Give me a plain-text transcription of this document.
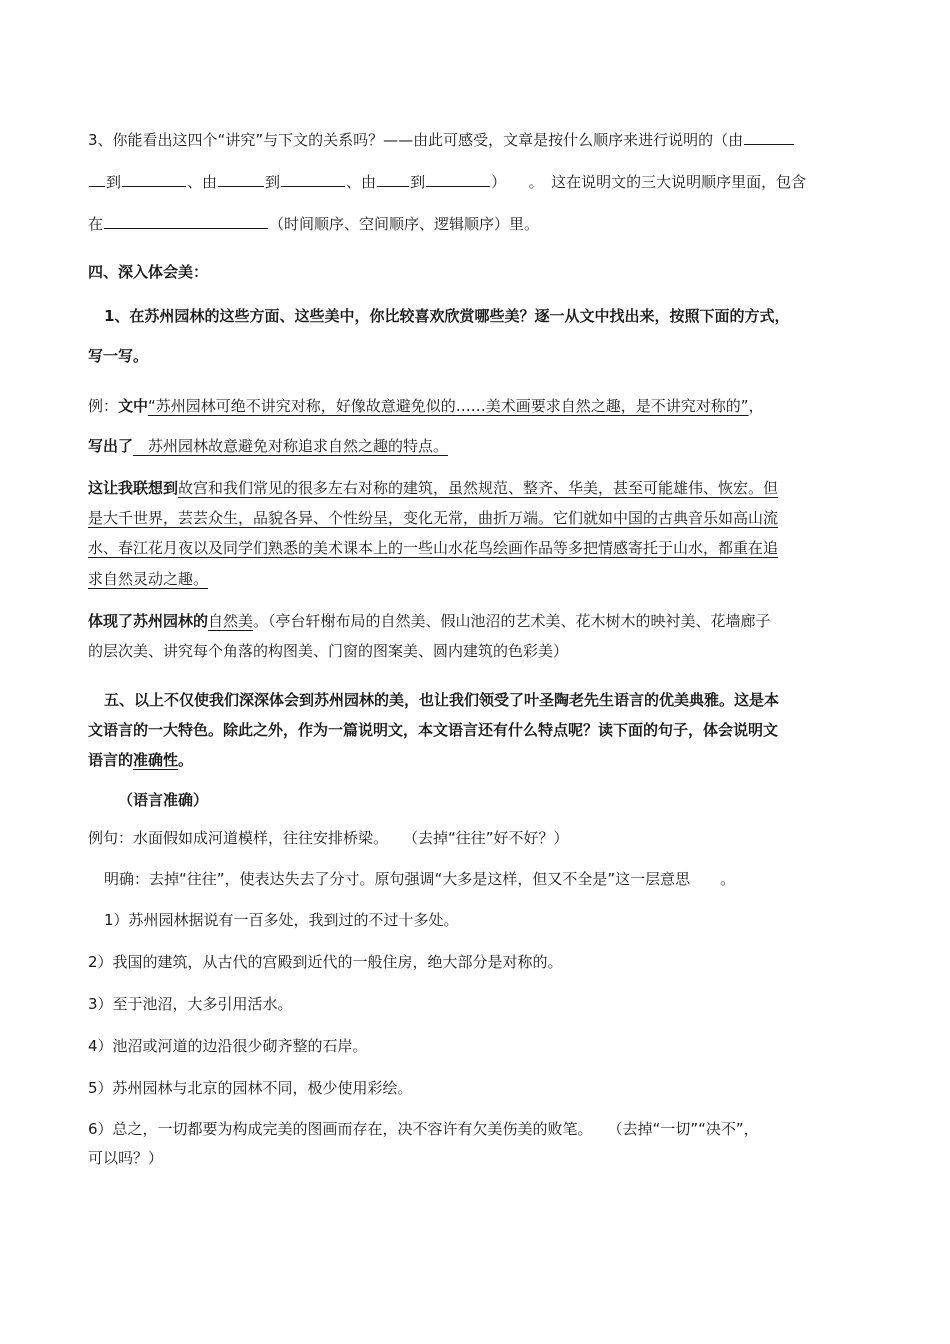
3、你能看出这四个“讲究”与下文的关系吗？——由此可感受，文章是按什么顺序来进行说明的（由
到	、由	到	、由 到	）　　。　这在说明文的三大说明顺序里面，包含
在	（时间顺序、空间顺序、逻辑顺序）里。
四、深入体会美：
1、在苏州园林的这些方面、这些美中，你比较喜欢欣赏哪些美？逐一从文中找出来，按照下面的方式，
写一写。
例：文中“苏州园林可绝不讲究对称，好像故意避免似的……美术画要求自然之趣，是不讲究对称的”，
写出了　苏州园林故意避免对称追求自然之趣的特点。
这让我联想到故宫和我们常见的很多左右对称的建筑，虽然规范、整齐、华美，甚至可能雄伟、恢宏。但
是大千世界，芸芸众生，品貌各异、个性纷呈，变化无常，曲折万端。它们就如中国的古典音乐如高山流
水、春江花月夜以及同学们熟悉的美术课本上的一些山水花鸟绘画作品等多把情感寄托于山水，都重在追
求自然灵动之趣。
体现了苏州园林的自然美。（亭台轩榭布局的自然美、假山池沼的艺术美、花木树木的映衬美、花墙廊子
的层次美、讲究每个角落的构图美、门窗的图案美、圆内建筑的色彩美）
五、以上不仅使我们深深体会到苏州园林的美，也让我们领受了叶圣陶老先生语言的优美典雅。这是本
文语言的一大特色。除此之外，作为一篇说明文，本文语言还有什么特点呢？读下面的句子，体会说明文
语言的准确性。
（语言准确）
例句：水面假如成河道模样，往往安排桥梁。　　（去掉“往往”好不好？）
明确：去掉“往往”，使表达失去了分寸。原句强调“大多是这样，但又不全是”这一层意思　　。
1）苏州园林据说有一百多处，我到过的不过十多处。
2）我国的建筑，从古代的宫殿到近代的一般住房，绝大部分是对称的。
3）至于池沼，大多引用活水。
4）池沼或河道的边沿很少砌齐整的石岸。
5）苏州园林与北京的园林不同，极少使用彩绘。
6）总之，一切都要为构成完美的图画而存在，决不容许有欠美伤美的败笔。　　（去掉“一切”“决不”，
可以吗？）
